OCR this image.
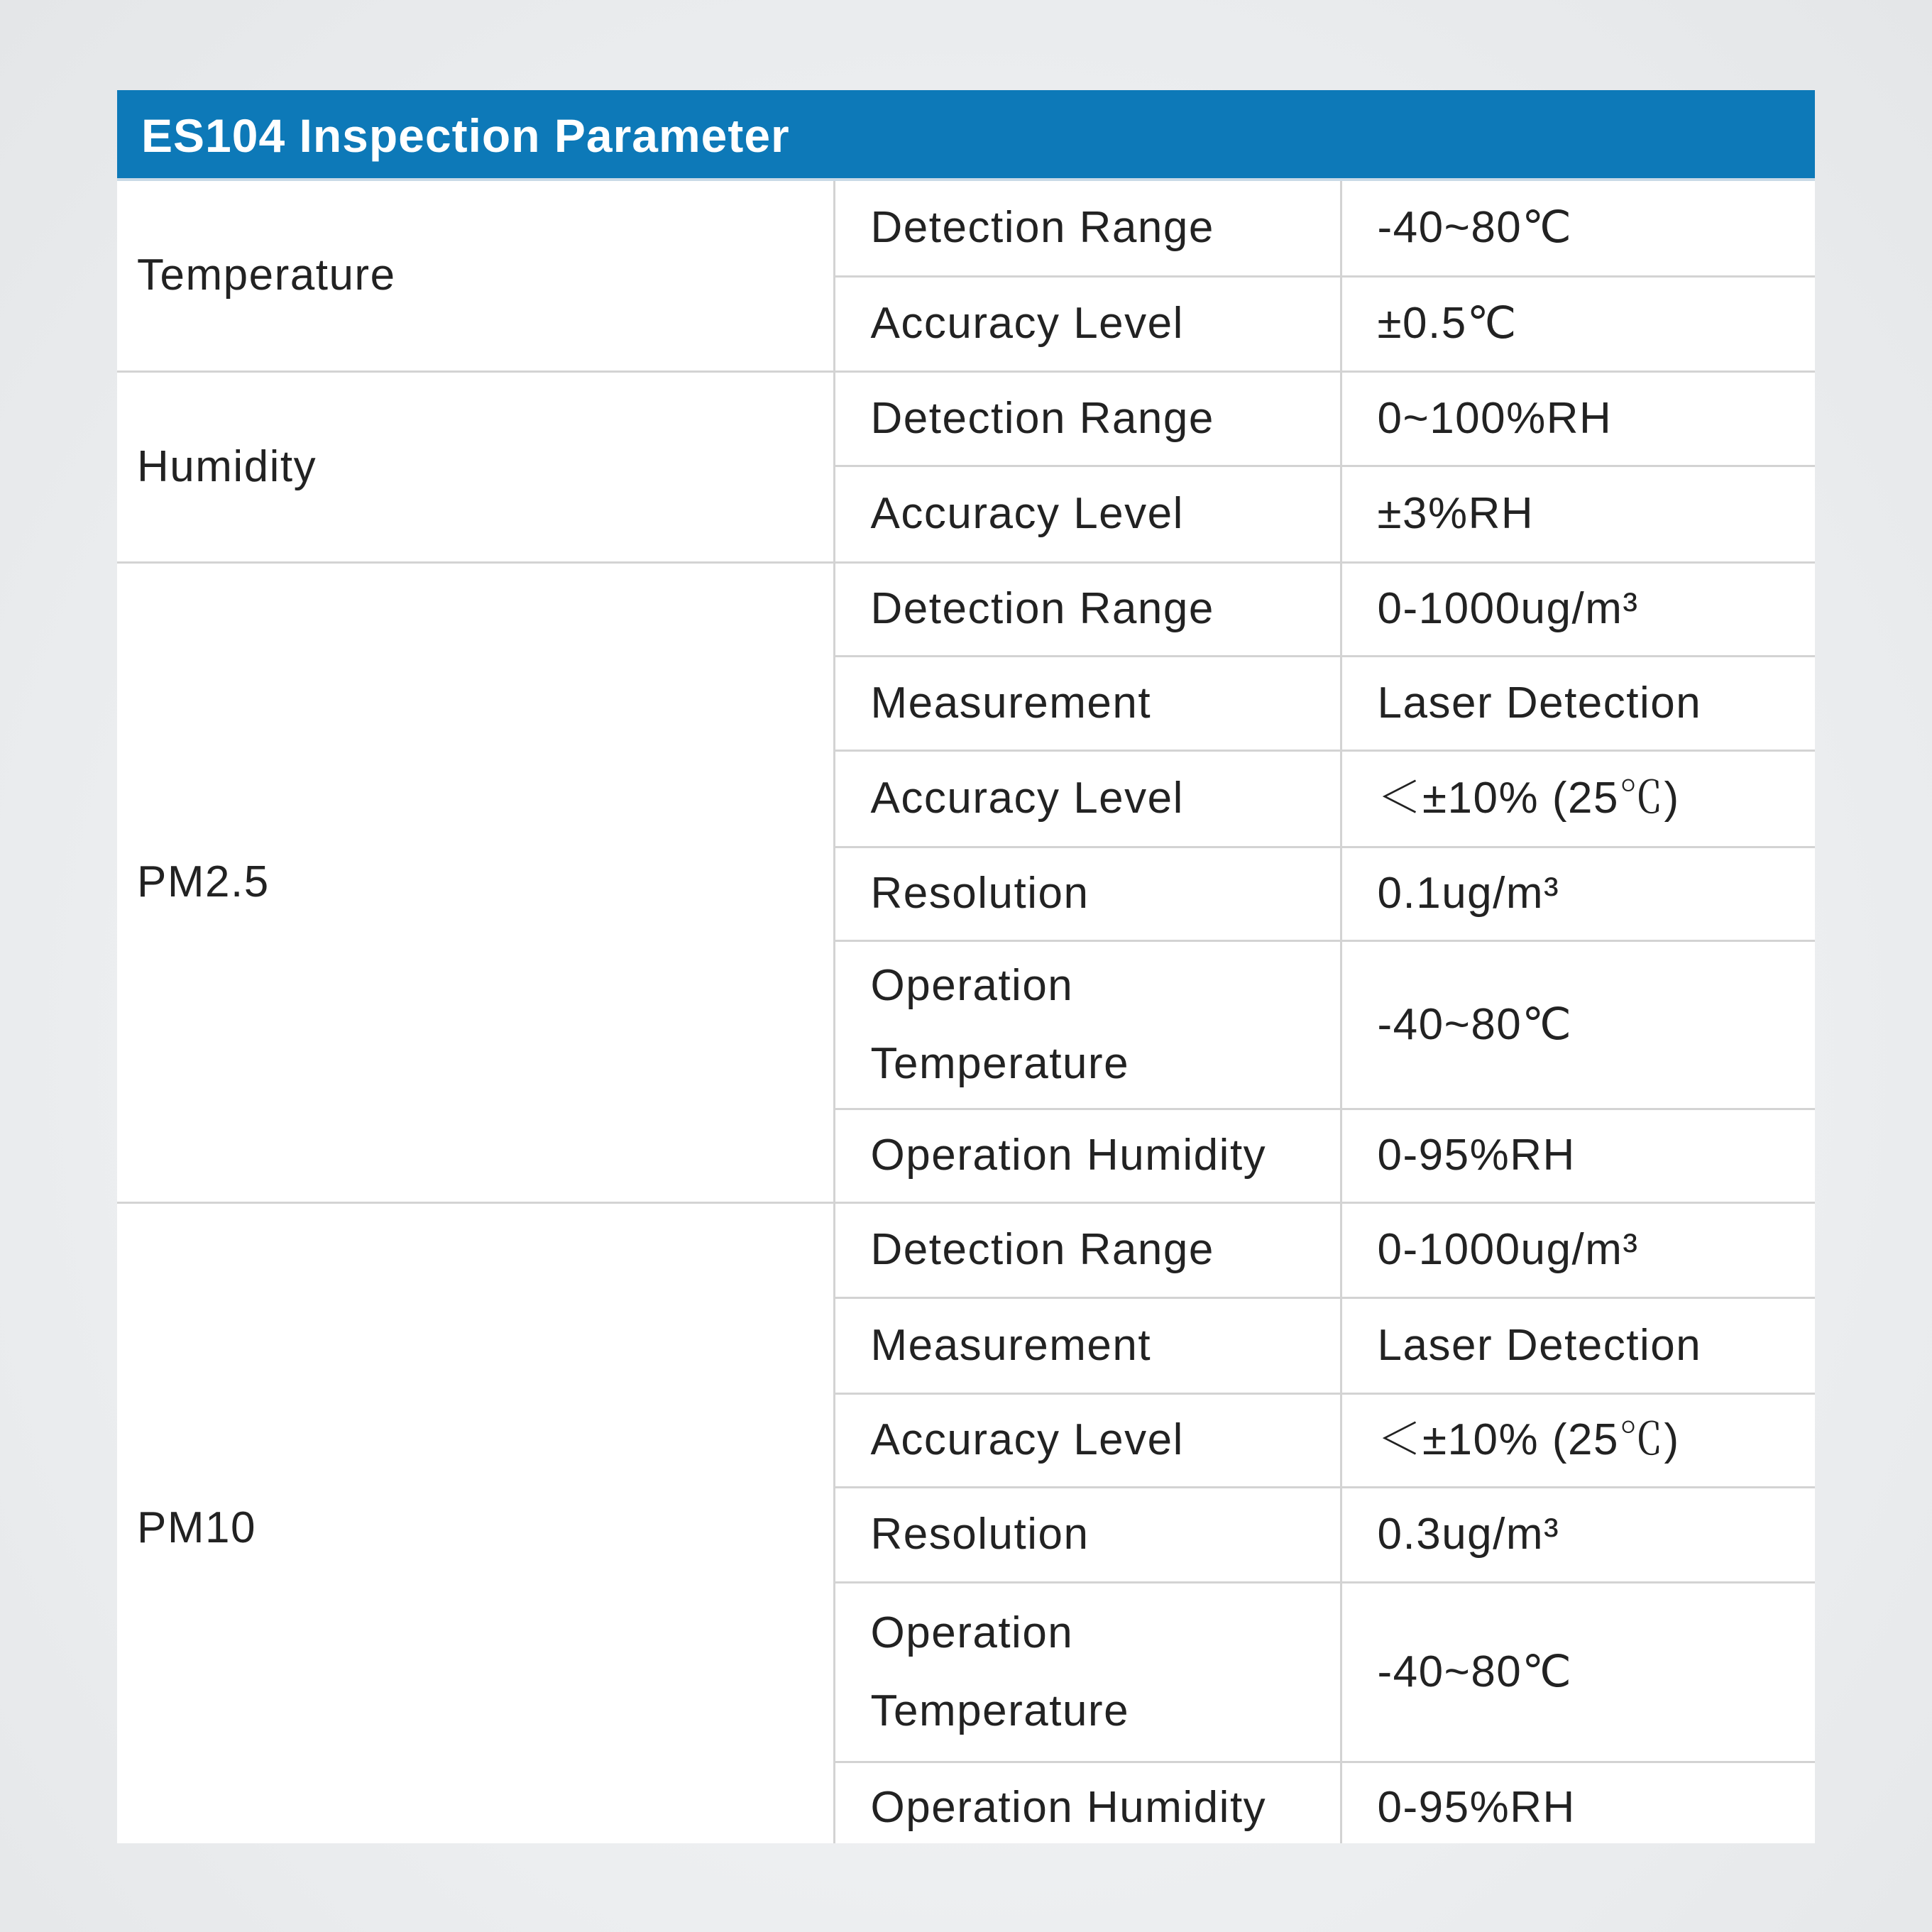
ES104 Inspection Parameter
Temperature	Detection Range	-40~80℃
	Accuracy Level	±0.5℃
Humidity	Detection Range	0~100%RH
	Accuracy Level	±3%RH
PM2.5	Detection Range	0-1000ug/m³
	Measurement	Laser Detection
	Accuracy Level	＜±10% (25℃)
	Resolution	0.1ug/m³
	Operation Temperature	-40~80℃
	Operation Humidity	0-95%RH
PM10	Detection Range	0-1000ug/m³
	Measurement	Laser Detection
	Accuracy Level	＜±10% (25℃)
	Resolution	0.3ug/m³
	Operation Temperature	-40~80℃
	Operation Humidity	0-95%RH
